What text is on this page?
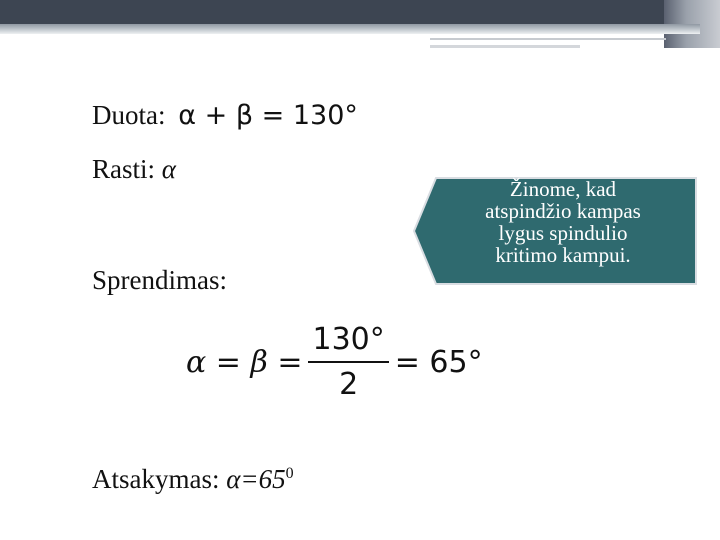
Duota: α + β = 130°
Rasti: α
Sprendimas:
$\alpha = \beta = \frac{130^\circ}{2} = 65^\circ$
Atsakymas: $\alpha=65^0$
Žinome, kad
atspindžio kampas
lygus spindulio
kritimo kampui.
